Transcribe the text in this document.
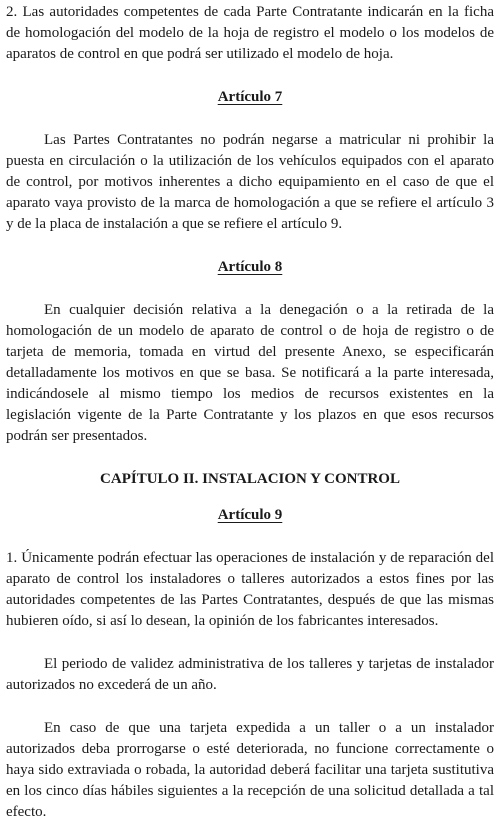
2. Las autoridades competentes de cada Parte Contratante indicarán en la ficha de homologación del modelo de la hoja de registro el modelo o los modelos de aparatos de control en que podrá ser utilizado el modelo de hoja.

Artículo 7

Las Partes Contratantes no podrán negarse a matricular ni prohibir la puesta en circulación o la utilización de los vehículos equipados con el aparato de control, por motivos inherentes a dicho equipamiento en el caso de que el aparato vaya provisto de la marca de homologación a que se refiere el artículo 3 y de la placa de instalación a que se refiere el artículo 9.

Artículo 8

En cualquier decisión relativa a la denegación o a la retirada de la homologación de un modelo de aparato de control o de hoja de registro o de tarjeta de memoria, tomada en virtud del presente Anexo, se especificarán detalladamente los motivos en que se basa. Se notificará a la parte interesada, indicándosele al mismo tiempo los medios de recursos existentes en la legislación vigente de la Parte Contratante y los plazos en que esos recursos podrán ser presentados.

CAPÍTULO II. INSTALACION Y CONTROL
Artículo 9

1. Únicamente podrán efectuar las operaciones de instalación y de reparación del aparato de control los instaladores o talleres autorizados a estos fines por las autoridades competentes de las Partes Contratantes, después de que las mismas hubieren oído, si así lo desean, la opinión de los fabricantes interesados.

El periodo de validez administrativa de los talleres y tarjetas de instalador autorizados no excederá de un año.

En caso de que una tarjeta expedida a un taller o a un instalador autorizados deba prorrogarse o esté deteriorada, no funcione correctamente o haya sido extraviada o robada, la autoridad deberá facilitar una tarjeta sustitutiva en los cinco días hábiles siguientes a la recepción de una solicitud detallada a tal efecto.
